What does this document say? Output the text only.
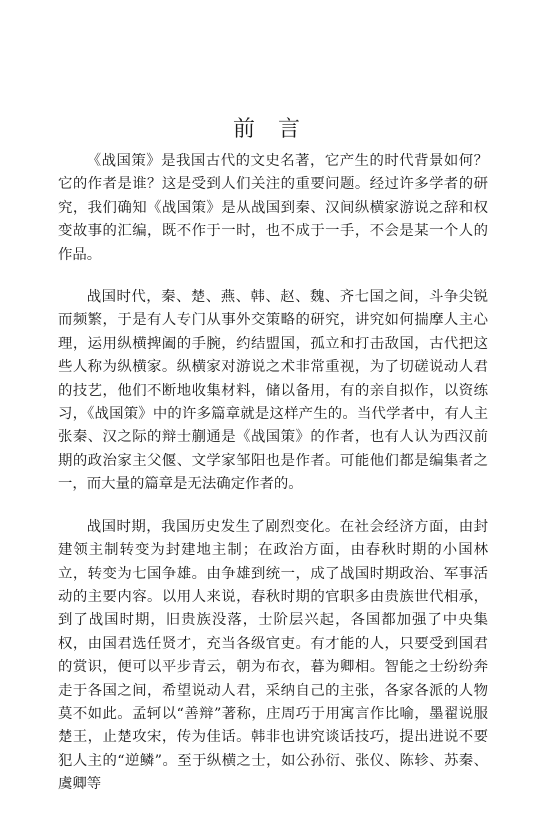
前 言

《战国策》是我国古代的文史名著，它产生的时代背景如何？它的作者是谁？这是受到人们关注的重要问题。经过许多学者的研究，我们确知《战国策》是从战国到秦、汉间纵横家游说之辞和权变故事的汇编，既不作于一时，也不成于一手，不会是某一个人的作品。

战国时代，秦、楚、燕、韩、赵、魏、齐七国之间，斗争尖锐而频繁，于是有人专门从事外交策略的研究，讲究如何揣摩人主心理，运用纵横捭阖的手腕，约结盟国，孤立和打击敌国，古代把这些人称为纵横家。纵横家对游说之术非常重视，为了切磋说动人君的技艺，他们不断地收集材料，储以备用，有的亲自拟作，以资练习，《战国策》中的许多篇章就是这样产生的。当代学者中，有人主张秦、汉之际的辩士蒯通是《战国策》的作者，也有人认为西汉前期的政治家主父偃、文学家邹阳也是作者。可能他们都是编集者之一，而大量的篇章是无法确定作者的。

战国时期，我国历史发生了剧烈变化。在社会经济方面，由封建领主制转变为封建地主制；在政治方面，由春秋时期的小国林立，转变为七国争雄。由争雄到统一，成了战国时期政治、军事活动的主要内容。以用人来说，春秋时期的官职多由贵族世代相承，到了战国时期，旧贵族没落，士阶层兴起，各国都加强了中央集权，由国君选任贤才，充当各级官吏。有才能的人，只要受到国君的赏识，便可以平步青云，朝为布衣，暮为卿相。智能之士纷纷奔走于各国之间，希望说动人君，采纳自己的主张，各家各派的人物莫不如此。孟轲以“善辩”著称，庄周巧于用寓言作比喻，墨翟说服楚王，止楚攻宋，传为佳话。韩非也讲究谈话技巧，提出进说不要犯人主的“逆鳞”。至于纵横之士，如公孙衍、张仪、陈轸、苏秦、虞卿等
